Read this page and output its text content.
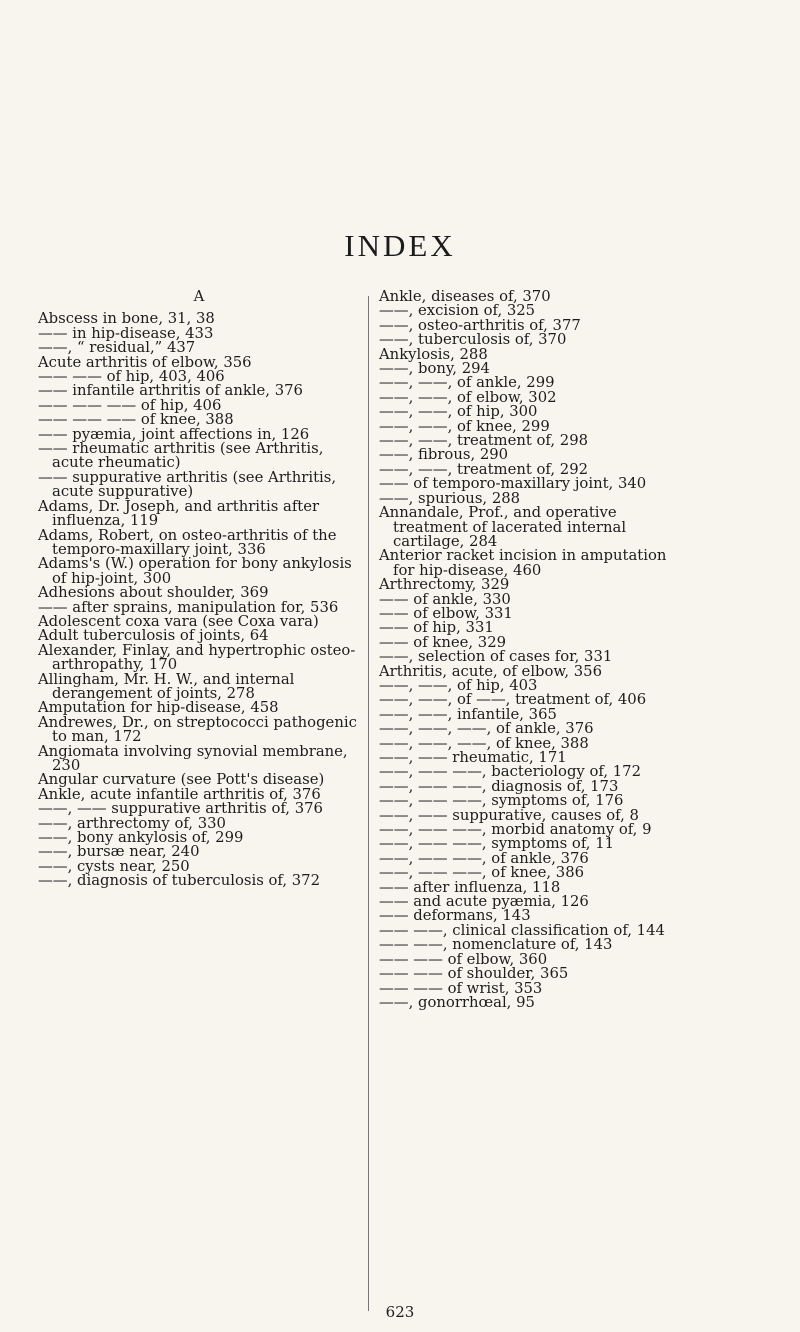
INDEX

A

Abscess in bone, 31, 38

—— in hip-disease, 433

——, “ residual,” 437

Acute arthritis of elbow, 356

—— —— of hip, 403, 406

—— infantile arthritis of ankle, 376

—— —— —— of hip, 406

—— —— —— of knee, 388

—— pyæmia, joint affections in, 126

—— rheumatic arthritis (see Arthritis, acute rheumatic)

—— suppurative arthritis (see Arthritis, acute suppurative)

Adams, Dr. Joseph, and arthritis after influenza, 119

Adams, Robert, on osteo-arthritis of the temporo-maxillary joint, 336

Adams's (W.) operation for bony ankylosis of hip-joint, 300

Adhesions about shoulder, 369

—— after sprains, manipulation for, 536

Adolescent coxa vara (see Coxa vara)

Adult tuberculosis of joints, 64

Alexander, Finlay, and hypertrophic osteo-arthropathy, 170

Allingham, Mr. H. W., and internal derangement of joints, 278

Amputation for hip-disease, 458

Andrewes, Dr., on streptococci pathogenic to man, 172

Angiomata involving synovial membrane, 230

Angular curvature (see Pott's disease)

Ankle, acute infantile arthritis of, 376

——, —— suppurative arthritis of, 376

——, arthrectomy of, 330

——, bony ankylosis of, 299

——, bursæ near, 240

——, cysts near, 250

——, diagnosis of tuberculosis of, 372

Ankle, diseases of, 370

——, excision of, 325

——, osteo-arthritis of, 377

——, tuberculosis of, 370

Ankylosis, 288

——, bony, 294

——, ——, of ankle, 299

——, ——, of elbow, 302

——, ——, of hip, 300

——, ——, of knee, 299

——, ——, treatment of, 298

——, fibrous, 290

——, ——, treatment of, 292

—— of temporo-maxillary joint, 340

——, spurious, 288

Annandale, Prof., and operative treatment of lacerated internal cartilage, 284

Anterior racket incision in amputation for hip-disease, 460

Arthrectomy, 329

—— of ankle, 330

—— of elbow, 331

—— of hip, 331

—— of knee, 329

——, selection of cases for, 331

Arthritis, acute, of elbow, 356

——, ——, of hip, 403

——, ——, of ——, treatment of, 406

——, ——, infantile, 365

——, ——, ——, of ankle, 376

——, ——, ——, of knee, 388

——, —— rheumatic, 171

——, —— ——, bacteriology of, 172

——, —— ——, diagnosis of, 173

——, —— ——, symptoms of, 176

——, —— suppurative, causes of, 8

——, —— ——, morbid anatomy of, 9

——, —— ——, symptoms of, 11

——, —— ——, of ankle, 376

——, —— ——, of knee, 386

—— after influenza, 118

—— and acute pyæmia, 126

—— deformans, 143

—— ——, clinical classification of, 144

—— ——, nomenclature of, 143

—— —— of elbow, 360

—— —— of shoulder, 365

—— —— of wrist, 353

——, gonorrhœal, 95

623
